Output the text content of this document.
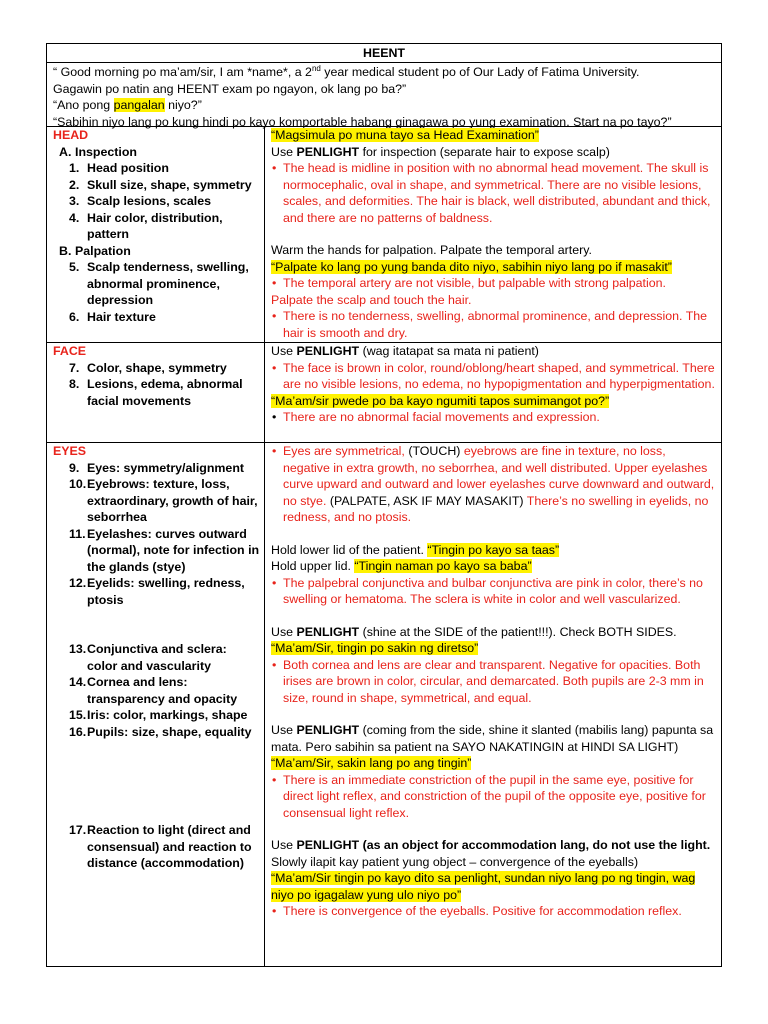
HEENT

“ Good morning po ma’am/sir, I am *name*, a 2nd year medical student po of Our Lady of Fatima University.

Gagawin po natin ang HEENT exam po ngayon, ok lang po ba?”

“Ano pong pangalan niyo?”

“Sabihin niyo lang po kung hindi po kayo komportable habang ginagawa po yung examination. Start na po tayo?”

HEAD

A. Inspection

1. Head position

2. Skull size, shape, symmetry

3. Scalp lesions, scales

4. Hair color, distribution, pattern

B. Palpation

5. Scalp tenderness, swelling, abnormal prominence, depression

6. Hair texture

“Magsimula po muna tayo sa Head Examination”

Use PENLIGHT for inspection (separate hair to expose scalp)

• The head is midline in position with no abnormal head movement. The skull is normocephalic, oval in shape, and symmetrical. There are no visible lesions, scales, and deformities. The hair is black, well distributed, abundant and thick, and there are no patterns of baldness.

Warm the hands for palpation. Palpate the temporal artery.

“Palpate ko lang po yung banda dito niyo, sabihin niyo lang po if masakit”

• The temporal artery are not visible, but palpable with strong palpation.

Palpate the scalp and touch the hair.

• There is no tenderness, swelling, abnormal prominence, and depression. The hair is smooth and dry.

FACE

7. Color, shape, symmetry

8. Lesions, edema, abnormal facial movements

Use PENLIGHT (wag itatapat sa mata ni patient)

• The face is brown in color, round/oblong/heart shaped, and symmetrical. There are no visible lesions, no edema, no hypopigmentation and hyperpigmentation.

“Ma’am/sir pwede po ba kayo ngumiti tapos sumimangot po?”

• There are no abnormal facial movements and expression.

EYES

9. Eyes: symmetry/alignment

10.Eyebrows: texture, loss, extraordinary, growth of hair, seborrhea

11.Eyelashes: curves outward (normal), note for infection in the glands (stye)

12.Eyelids: swelling, redness, ptosis

13.Conjunctiva and sclera: color and vascularity

14.Cornea and lens: transparency and opacity

15.Iris: color, markings, shape

16.Pupils: size, shape, equality

17.Reaction to light (direct and consensual) and reaction to distance (accommodation)

• Eyes are symmetrical, (TOUCH) eyebrows are fine in texture, no loss, negative in extra growth, no seborrhea, and well distributed. Upper eyelashes curve upward and outward and lower eyelashes curve downward and outward, no stye. (PALPATE, ASK IF MAY MASAKIT) There’s no swelling in eyelids, no redness, and no ptosis.

Hold lower lid of the patient. “Tingin po kayo sa taas”

Hold upper lid. “Tingin naman po kayo sa baba”

• The palpebral conjunctiva and bulbar conjunctiva are pink in color, there’s no swelling or hematoma. The sclera is white in color and well vascularized.

Use PENLIGHT (shine at the SIDE of the patient!!!). Check BOTH SIDES.

“Ma’am/Sir, tingin po sakin ng diretso”

• Both cornea and lens are clear and transparent. Negative for opacities. Both irises are brown in color, circular, and demarcated. Both pupils are 2-3 mm in size, round in shape, symmetrical, and equal.

Use PENLIGHT (coming from the side, shine it slanted (mabilis lang) papunta sa mata. Pero sabihin sa patient na SAYO NAKATINGIN at HINDI SA LIGHT)

“Ma’am/Sir, sakin lang po ang tingin”

• There is an immediate constriction of the pupil in the same eye, positive for direct light reflex, and constriction of the pupil of the opposite eye, positive for consensual light reflex.

Use PENLIGHT (as an object for accommodation lang, do not use the light.

Slowly ilapit kay patient yung object – convergence of the eyeballs)

“Ma’am/Sir tingin po kayo dito sa penlight, sundan niyo lang po ng tingin, wag niyo po igagalaw yung ulo niyo po”

• There is convergence of the eyeballs. Positive for accommodation reflex.
